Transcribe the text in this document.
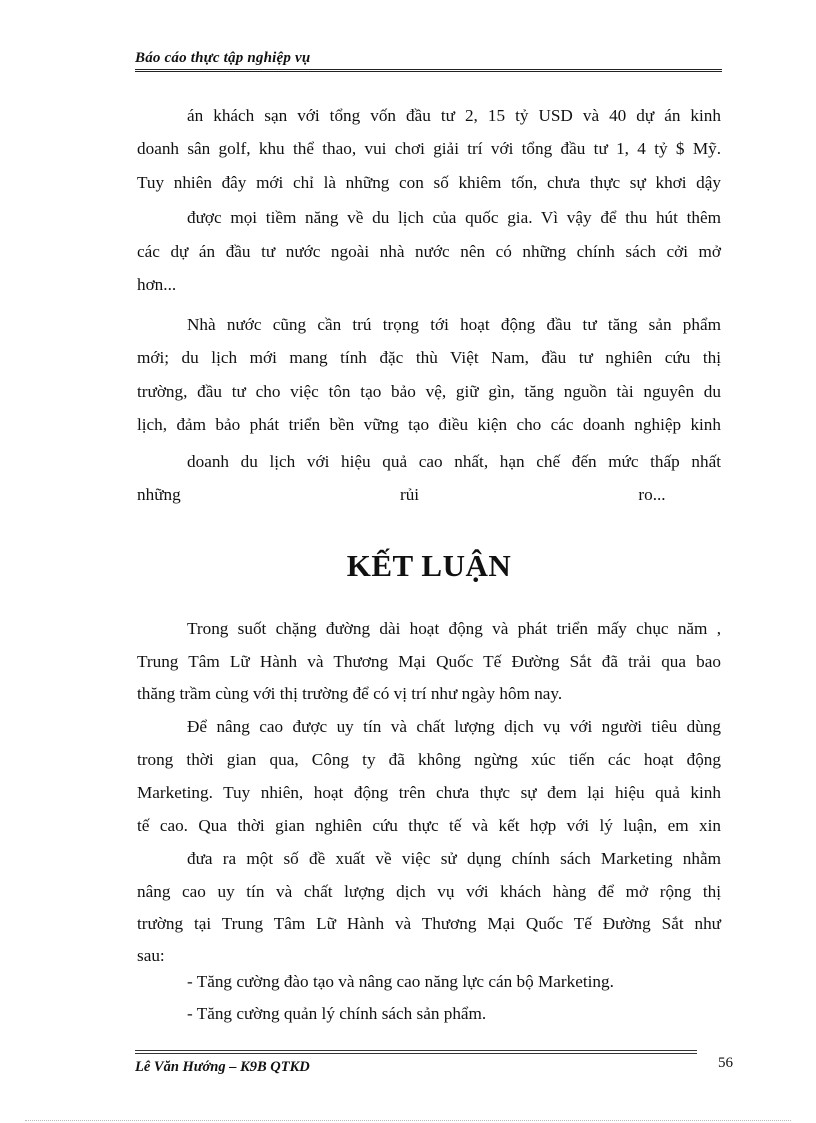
Báo cáo thực tập nghiệp vụ
án khách sạn với tổng vốn đầu tư 2, 15 tỷ USD và 40 dự án kinh
doanh sân golf, khu thể thao, vui chơi giải trí với tổng đầu tư 1, 4 tỷ $ Mỹ.
Tuy nhiên đây mới chỉ là những con số khiêm tốn, chưa thực sự khơi dậy
được mọi tiềm năng về du lịch của quốc gia. Vì vậy để thu hút thêm
các dự án đầu tư nước ngoài nhà nước nên có những chính sách cởi mở
hơn...
Nhà nước cũng cần trú trọng tới hoạt động đầu tư tăng sản phẩm
mới; du lịch mới mang tính đặc thù Việt Nam, đầu tư nghiên cứu thị
trường, đầu tư cho việc tôn tạo bảo vệ, giữ gìn, tăng nguồn tài nguyên du
lịch, đảm bảo phát triển bền vững tạo điều kiện cho các doanh nghiệp kinh
doanh du lịch với hiệu quả cao nhất, hạn chế đến mức thấp nhất
những rủi ro...
KẾT LUẬN
Trong suốt chặng đường dài hoạt động và phát triển mấy chục năm ,
Trung Tâm Lữ Hành và Thương Mại Quốc Tế Đường Sắt đã trải qua bao
thăng trầm cùng với thị trường để có vị trí như ngày hôm nay.
Để nâng cao được uy tín và chất lượng dịch vụ với người tiêu dùng
trong thời gian qua, Công ty đã không ngừng xúc tiến các hoạt động
Marketing. Tuy nhiên, hoạt động trên chưa thực sự đem lại hiệu quả kinh
tế cao. Qua thời gian nghiên cứu thực tế và kết hợp với lý luận, em xin
đưa ra một số đề xuất về việc sử dụng chính sách Marketing nhằm
nâng cao uy tín và chất lượng dịch vụ với khách hàng để mở rộng thị
trường tại Trung Tâm Lữ Hành và Thương Mại Quốc Tế Đường Sắt như
sau:
- Tăng cường đào tạo và nâng cao năng lực cán bộ Marketing.
- Tăng cường quản lý chính sách sản phẩm.
Lê Văn Hướng – K9B QTKD	56
